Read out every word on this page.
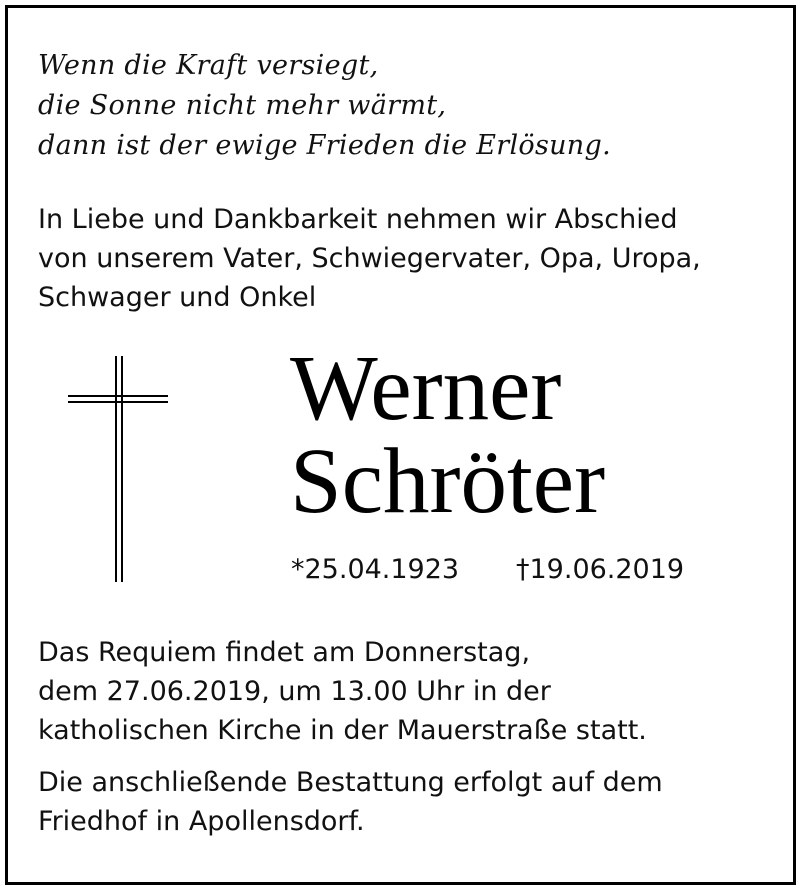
Wenn die Kraft versiegt,
die Sonne nicht mehr wärmt,
dann ist der ewige Frieden die Erlösung.
In Liebe und Dankbarkeit nehmen wir Abschied
von unserem Vater, Schwiegervater, Opa, Uropa,
Schwager und Onkel
Werner
Schröter
*25.04.1923 †19.06.2019
Das Requiem findet am Donnerstag,
dem 27.06.2019, um 13.00 Uhr in der
katholischen Kirche in der Mauerstraße statt.
Die anschließende Bestattung erfolgt auf dem
Friedhof in Apollensdorf.
